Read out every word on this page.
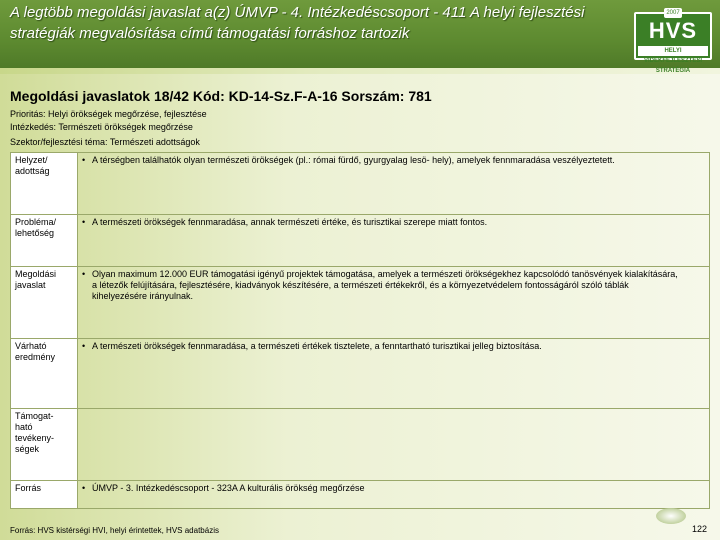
A legtöbb megoldási javaslat a(z) ÚMVP - 4. Intézkedéscsoport - 411 A helyi fejlesztési stratégiák megvalósítása című támogatási forráshoz tartozik
2007
HVS
HELYI VIDÉKFEJLESZTÉSI STRATÉGIA
Megoldási javaslatok 18/42 Kód: KD-14-Sz.F-A-16 Sorszám: 781
Prioritás: Helyi örökségek megőrzése, fejlesztése
Intézkedés: Természeti örökségek megőrzése
Szektor/fejlesztési téma: Természeti adottságok
Helyzet/ adottság	• A térségben találhatók olyan természeti örökségek (pl.: római fürdő, gyurgyalag lesö- hely), amelyek fennmaradása veszélyeztetett.
Probléma/ lehetőség	• A természeti örökségek fennmaradása, annak természeti értéke, és turisztikai szerepe miatt fontos.
Megoldási javaslat	• Olyan maximum 12.000 EUR támogatási igényű projektek támogatása, amelyek a természeti örökségekhez kapcsolódó tanösvények kialakítására, a létezők felújítására, fejlesztésére, kiadványok készítésére, a természeti értékekről, és a környezetvédelem fontosságáról szóló táblák kihelyezésére irányulnak.
Várható eredmény	• A természeti örökségek fennmaradása, a természeti értékek tisztelete, a fenntartható turisztikai jelleg biztosítása.
Támogat- ható tevékeny- ségek	
Forrás	• ÚMVP - 3. Intézkedéscsoport - 323A A kulturális örökség megőrzése
Forrás: HVS kistérségi HVI, helyi érintettek, HVS adatbázis	122
